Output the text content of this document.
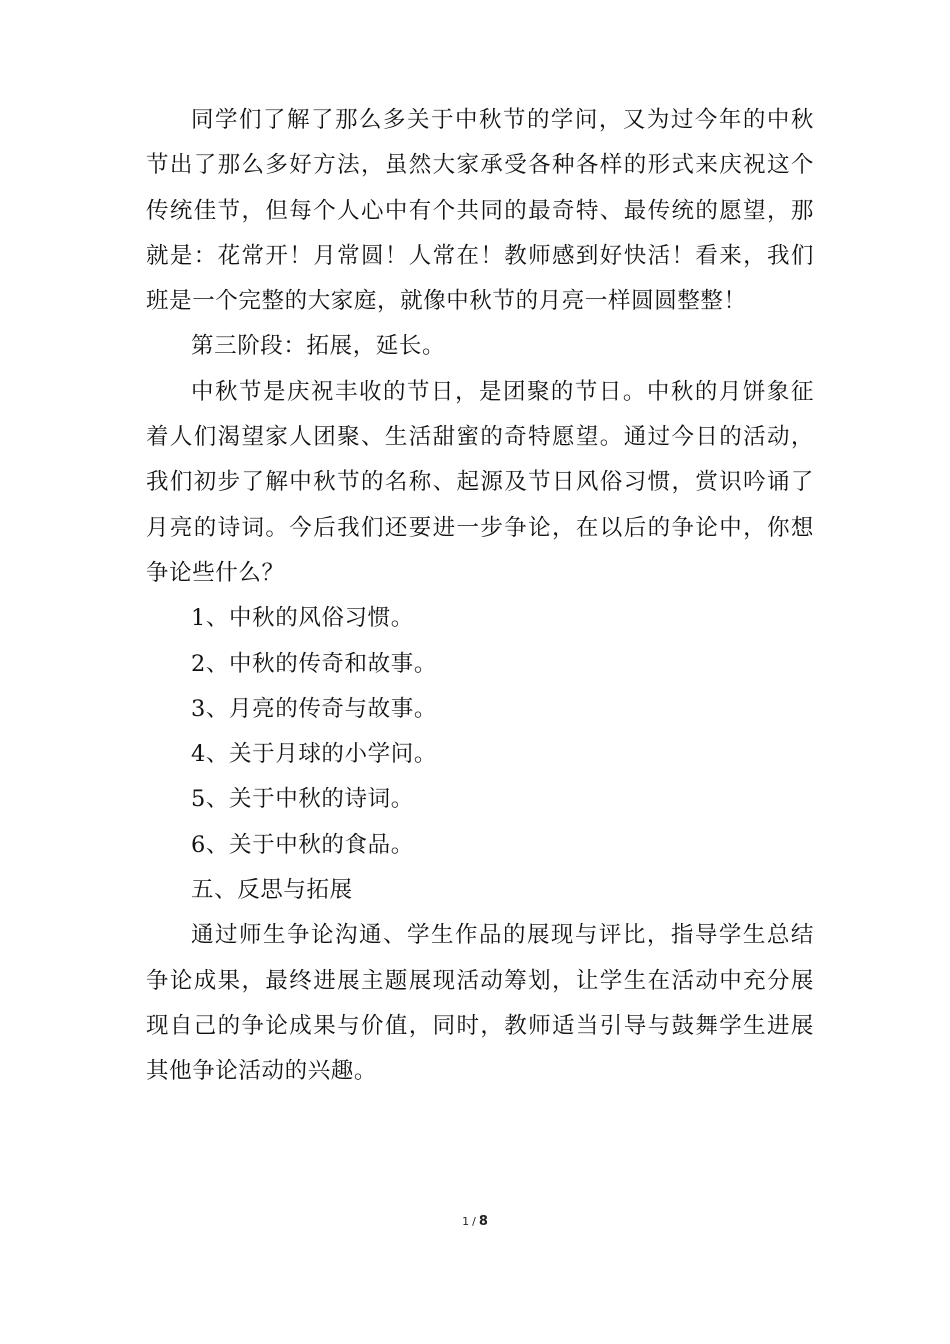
同学们了解了那么多关于中秋节的学问，又为过今年的中秋节出了那么多好方法，虽然大家承受各种各样的形式来庆祝这个传统佳节，但每个人心中有个共同的最奇特、最传统的愿望，那就是：花常开！月常圆！人常在！教师感到好快活！看来，我们班是一个完整的大家庭，就像中秋节的月亮一样圆圆整整！

第三阶段：拓展，延长。

中秋节是庆祝丰收的节日，是团聚的节日。中秋的月饼象征着人们渴望家人团聚、生活甜蜜的奇特愿望。通过今日的活动，我们初步了解中秋节的名称、起源及节日风俗习惯，赏识吟诵了月亮的诗词。今后我们还要进一步争论，在以后的争论中，你想争论些什么？

1、中秋的风俗习惯。

2、中秋的传奇和故事。

3、月亮的传奇与故事。

4、关于月球的小学问。

5、关于中秋的诗词。

6、关于中秋的食品。

五、反思与拓展

通过师生争论沟通、学生作品的展现与评比，指导学生总结争论成果，最终进展主题展现活动筹划，让学生在活动中充分展现自己的争论成果与价值，同时，教师适当引导与鼓舞学生进展其他争论活动的兴趣。

1 / 8
